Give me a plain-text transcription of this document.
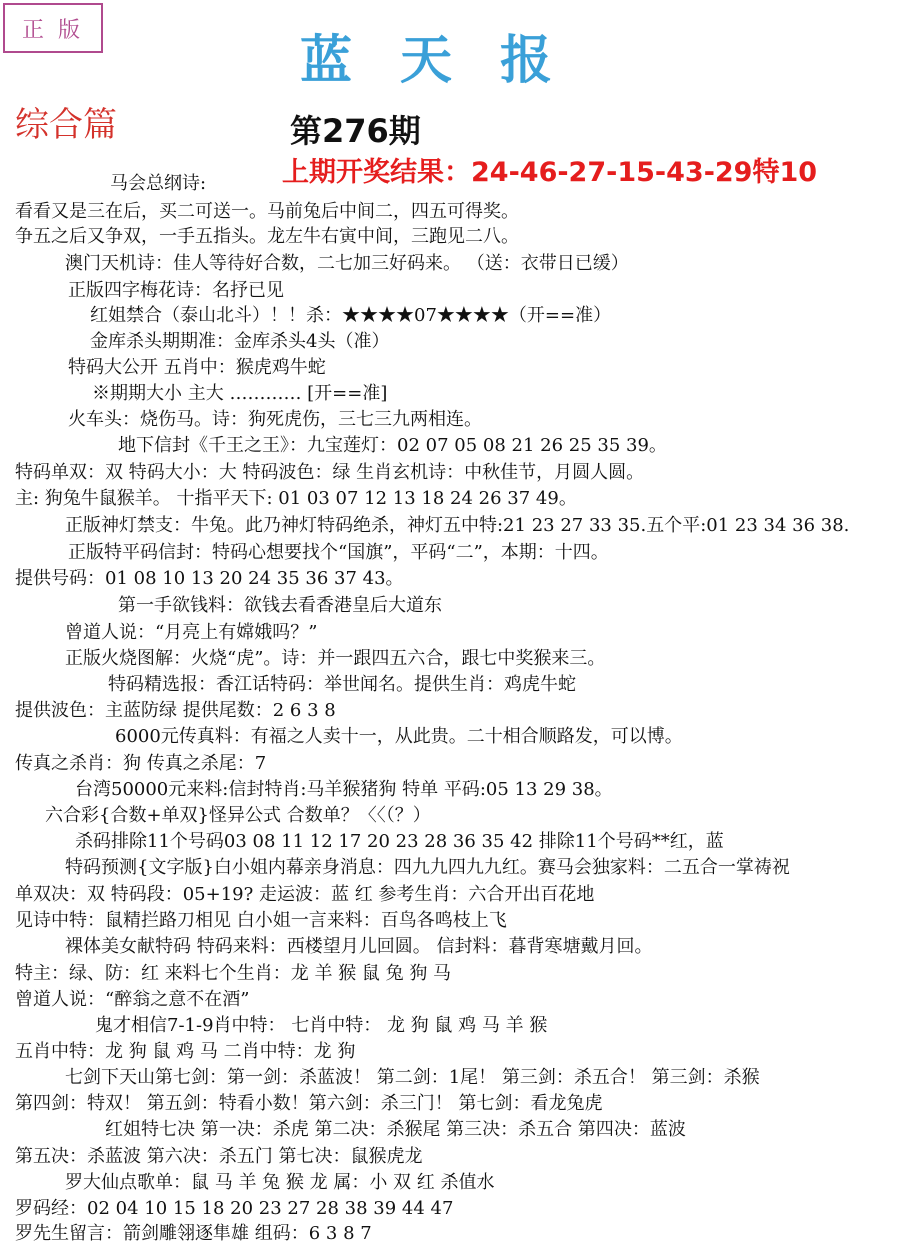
正版	蓝天报
综合篇	第276期
上期开奖结果：24-46-27-15-43-29特10
马会总纲诗:
看看又是三在后，买二可送一。马前兔后中间二，四五可得奖。
争五之后又争双，一手五指头。龙左牛右寅中间，三跑见二八。
澳门天机诗：佳人等待好合数，二七加三好码来。 （送：衣带日已缓）
正版四字梅花诗：名抒已见
红姐禁合（泰山北斗）！！杀：★★★★07★★★★（开==准）
金库杀头期期准：金库杀头4头（准）
特码大公开 五肖中：猴虎鸡牛蛇
※期期大小 主大 ………… [开==准]
火车头：烧伤马。诗：狗死虎伤，三七三九两相连。
地下信封《千王之王》：九宝莲灯：02 07 05 08 21 26 25 35 39。
特码单双：双 特码大小：大 特码波色：绿 生肖玄机诗：中秋佳节，月圆人圆。
主: 狗兔牛鼠猴羊。 十指平天下: 01 03 07 12 13 18 24 26 37 49。
正版神灯禁支：牛兔。此乃神灯特码绝杀，神灯五中特:21 23 27 33 35.五个平:01 23 34 36 38.
正版特平码信封：特码心想要找个“国旗”，平码“二”，本期：十四。
提供号码：01 08 10 13 20 24 35 36 37 43。
第一手欲钱料：欲钱去看香港皇后大道东
曾道人说：“月亮上有嫦娥吗？”
正版火烧图解：火烧“虎”。诗：并一跟四五六合，跟七中奖猴来三。
特码精选报：香江话特码：举世闻名。提供生肖：鸡虎牛蛇
提供波色：主蓝防绿 提供尾数：2 6 3 8
6000元传真料：有福之人卖十一，从此贵。二十相合顺路发，可以博。
传真之杀肖：狗 传真之杀尾：7
台湾50000元来料:信封特肖:马羊猴猪狗 特单 平码:05 13 29 38。
六合彩{合数+单双}怪异公式 合数单？〈〈（？）
杀码排除11个号码03 08 11 12 17 20 23 28 36 35 42 排除11个号码**红，蓝
特码预测{文字版}白小姐内幕亲身消息：四九九四九九红。赛马会独家料：二五合一掌祷祝
单双决：双 特码段：05+19? 走运波：蓝 红 参考生肖：六合开出百花地
见诗中特：鼠精拦路刀相见 白小姐一言来料：百鸟各鸣枝上飞
裸体美女献特码 特码来料：西楼望月儿回圆。 信封料：暮背寒塘戴月回。
特主：绿、防：红 来料七个生肖：龙 羊 猴 鼠 兔 狗 马
曾道人说：“醉翁之意不在酒”
鬼才相信7-1-9肖中特： 七肖中特： 龙 狗 鼠 鸡 马 羊 猴
五肖中特：龙 狗 鼠 鸡 马 二肖中特：龙 狗
七剑下天山第七剑：第一剑：杀蓝波！ 第二剑：1尾！ 第三剑：杀五合！ 第三剑：杀猴
第四剑：特双！ 第五剑：特看小数！第六剑：杀三门！ 第七剑：看龙兔虎
红姐特七决 第一决：杀虎 第二决：杀猴尾 第三决：杀五合 第四决：蓝波
第五决：杀蓝波 第六决：杀五门 第七决：鼠猴虎龙
罗大仙点歌单：鼠 马 羊 兔 猴 龙 属：小 双 红 杀值水
罗码经：02 04 10 15 18 20 23 27 28 38 39 44 47
罗先生留言：箭剑雕翎逐隼雄 组码：6 3 8 7
